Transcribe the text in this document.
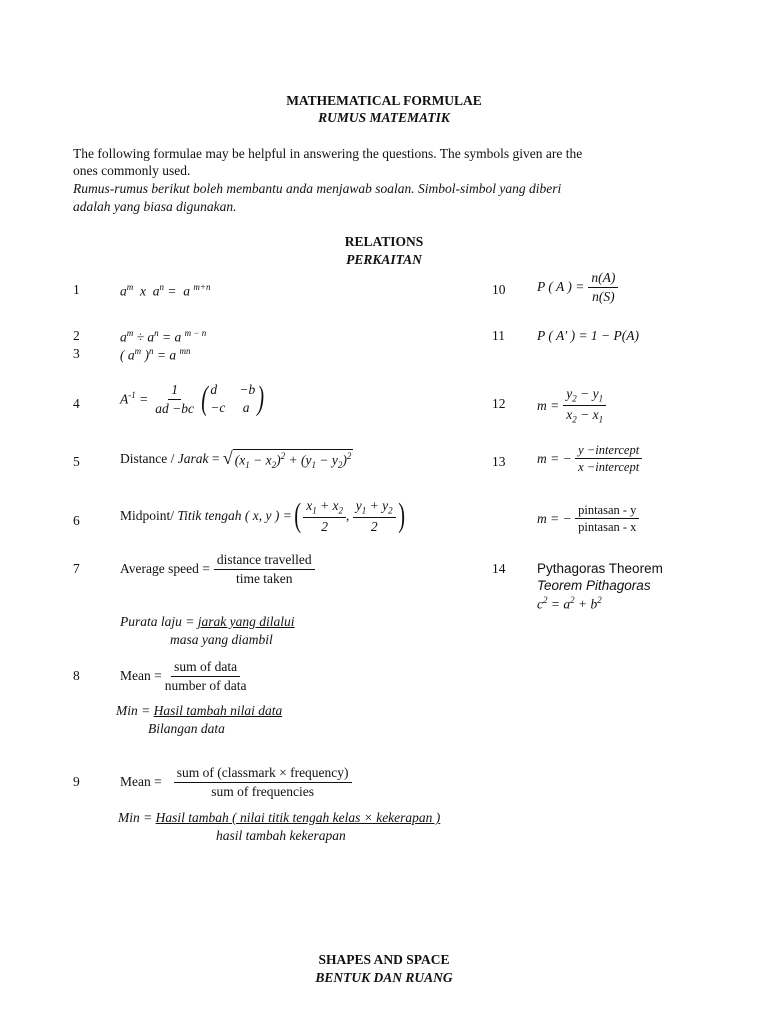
MATHEMATICAL FORMULAE
RUMUS MATEMATIK
The following formulae may be helpful in answering the questions. The symbols given are the
ones commonly used.
Rumus-rumus berikut boleh membantu anda menjawab soalan. Simbol-simbol yang diberi
adalah yang biasa digunakan.
RELATIONS
PERKAITAN
1
2
3
4
5
6
7
8
9
10
11
12
13
14
$a^m$  x  $a^n = a$ $^{m+n}$
$a^m \div a^n = a$ $^{m - n}$
( $a^m$ )$^n$ = a $^{mn}$
$A^{-1} = \frac{1}{ad -bc}$ ( d	−b
−c a )
Distance / Jarak = √ $(x_1 - x_2)^2 + (y_1 - y_2)^2$
Midpoint/ Titik tengah ( x, y ) = ( $\frac{x_1 + x_2}{2}$ , $\frac{y_1 + y_2}{2}$ )
Average speed = $\frac{\text{distance travelled}}{\text{time taken}}$
Purata laju = jarak yang dilalui
masa yang diambil
Mean = $\frac{\text{sum of data}}{\text{number of data}}$
Min = Hasil tambah nilai data
Bilangan data
Mean = $\frac{\text{sum of (classmark × frequency)}}{\text{sum of frequencies}}$
Min = Hasil tambah ( nilai titik tengah kelas × kekerapan )
hasil tambah kekerapan
P ( A ) = $\frac{n(A)}{n(S)}$
P ( A′ ) = 1 − P(A)
$m = \frac{y_2 - y_1}{x_2 - x_1}$
m = − $\frac{\text{y −intercept}}{\text{x −intercept}}$
m = − $\frac{\text{pintasan - y}}{\text{pintasan - x}}$
Pythagoras Theorem
Teorem Pithagoras
$c^2 = a^2 + b^2$
SHAPES AND SPACE
BENTUK DAN RUANG
